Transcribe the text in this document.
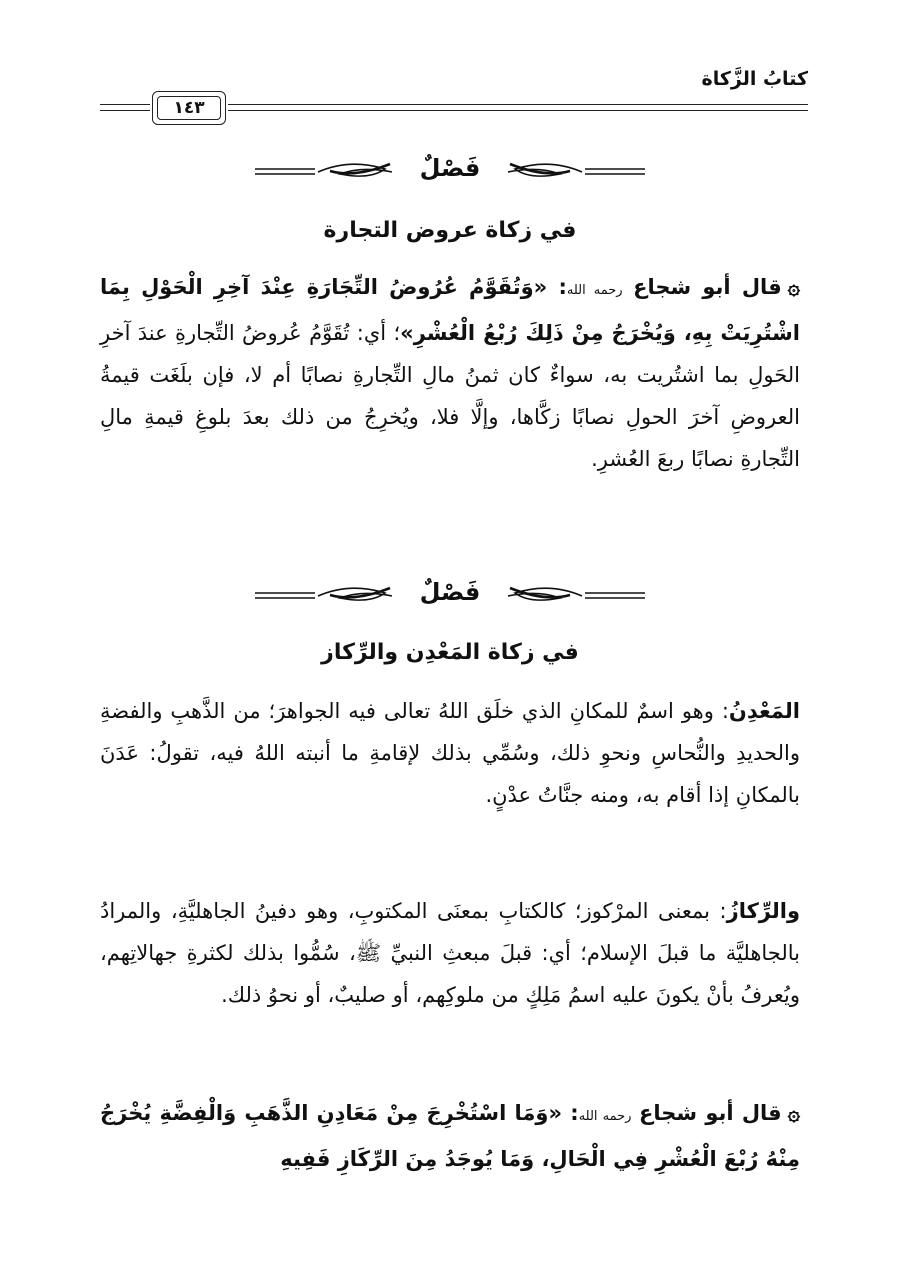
كتابُ الزَّكاة
١٤٣
فَصْلٌ
في زكاة عروض التجارة
۞قال أبو شجاع رحمه الله: «وَتُقَوَّمُ عُرُوضُ التِّجَارَةِ عِنْدَ آخِرِ الْحَوْلِ بِمَا اشْتُرِيَتْ بِهِ، وَيُخْرَجُ مِنْ ذَلِكَ رُبْعُ الْعُشْرِ»؛ أي: تُقَوَّمُ عُروضُ التِّجارةِ عندَ آخرِ الحَولِ بما اشتُريت به، سواءٌ كان ثمنُ مالِ التِّجارةِ نصابًا أم لا، فإن بلَغَت قيمةُ العروضِ آخرَ الحولِ نصابًا زكَّاها، وإلَّا فلا، ويُخرِجُ من ذلك بعدَ بلوغِ قيمةِ مالِ التِّجارةِ نصابًا ربعَ العُشرِ.
فَصْلٌ
في زكاة المَعْدِن والرِّكاز
المَعْدِنُ: وهو اسمٌ للمكانِ الذي خلَق اللهُ تعالى فيه الجواهرَ؛ من الذَّهبِ والفضةِ والحديدِ والنُّحاسِ ونحوِ ذلك، وسُمِّي بذلك لإقامةِ ما أنبته اللهُ فيه، تقولُ: عَدَنَ بالمكانِ إذا أقام به، ومنه جنَّاتُ عدْنٍ.
والرِّكازُ: بمعنى المرْكوز؛ كالكتابِ بمعنَى المكتوبِ، وهو دفينُ الجاهليَّةِ، والمرادُ بالجاهليَّة ما قبلَ الإسلام؛ أي: قبلَ مبعثِ النبيِّ ﷺ، سُمُّوا بذلك لكثرةِ جهالاتِهم، ويُعرفُ بأنْ يكونَ عليه اسمُ مَلِكٍ من ملوكِهم، أو صليبٌ، أو نحوُ ذلك.
۞قال أبو شجاع رحمه الله: «وَمَا اسْتُخْرِجَ مِنْ مَعَادِنِ الذَّهَبِ وَالْفِضَّةِ يُخْرَجُ مِنْهُ رُبْعَ الْعُشْرِ فِي الْحَالِ، وَمَا يُوجَدُ مِنَ الرِّكَازِ فَفِيهِ
